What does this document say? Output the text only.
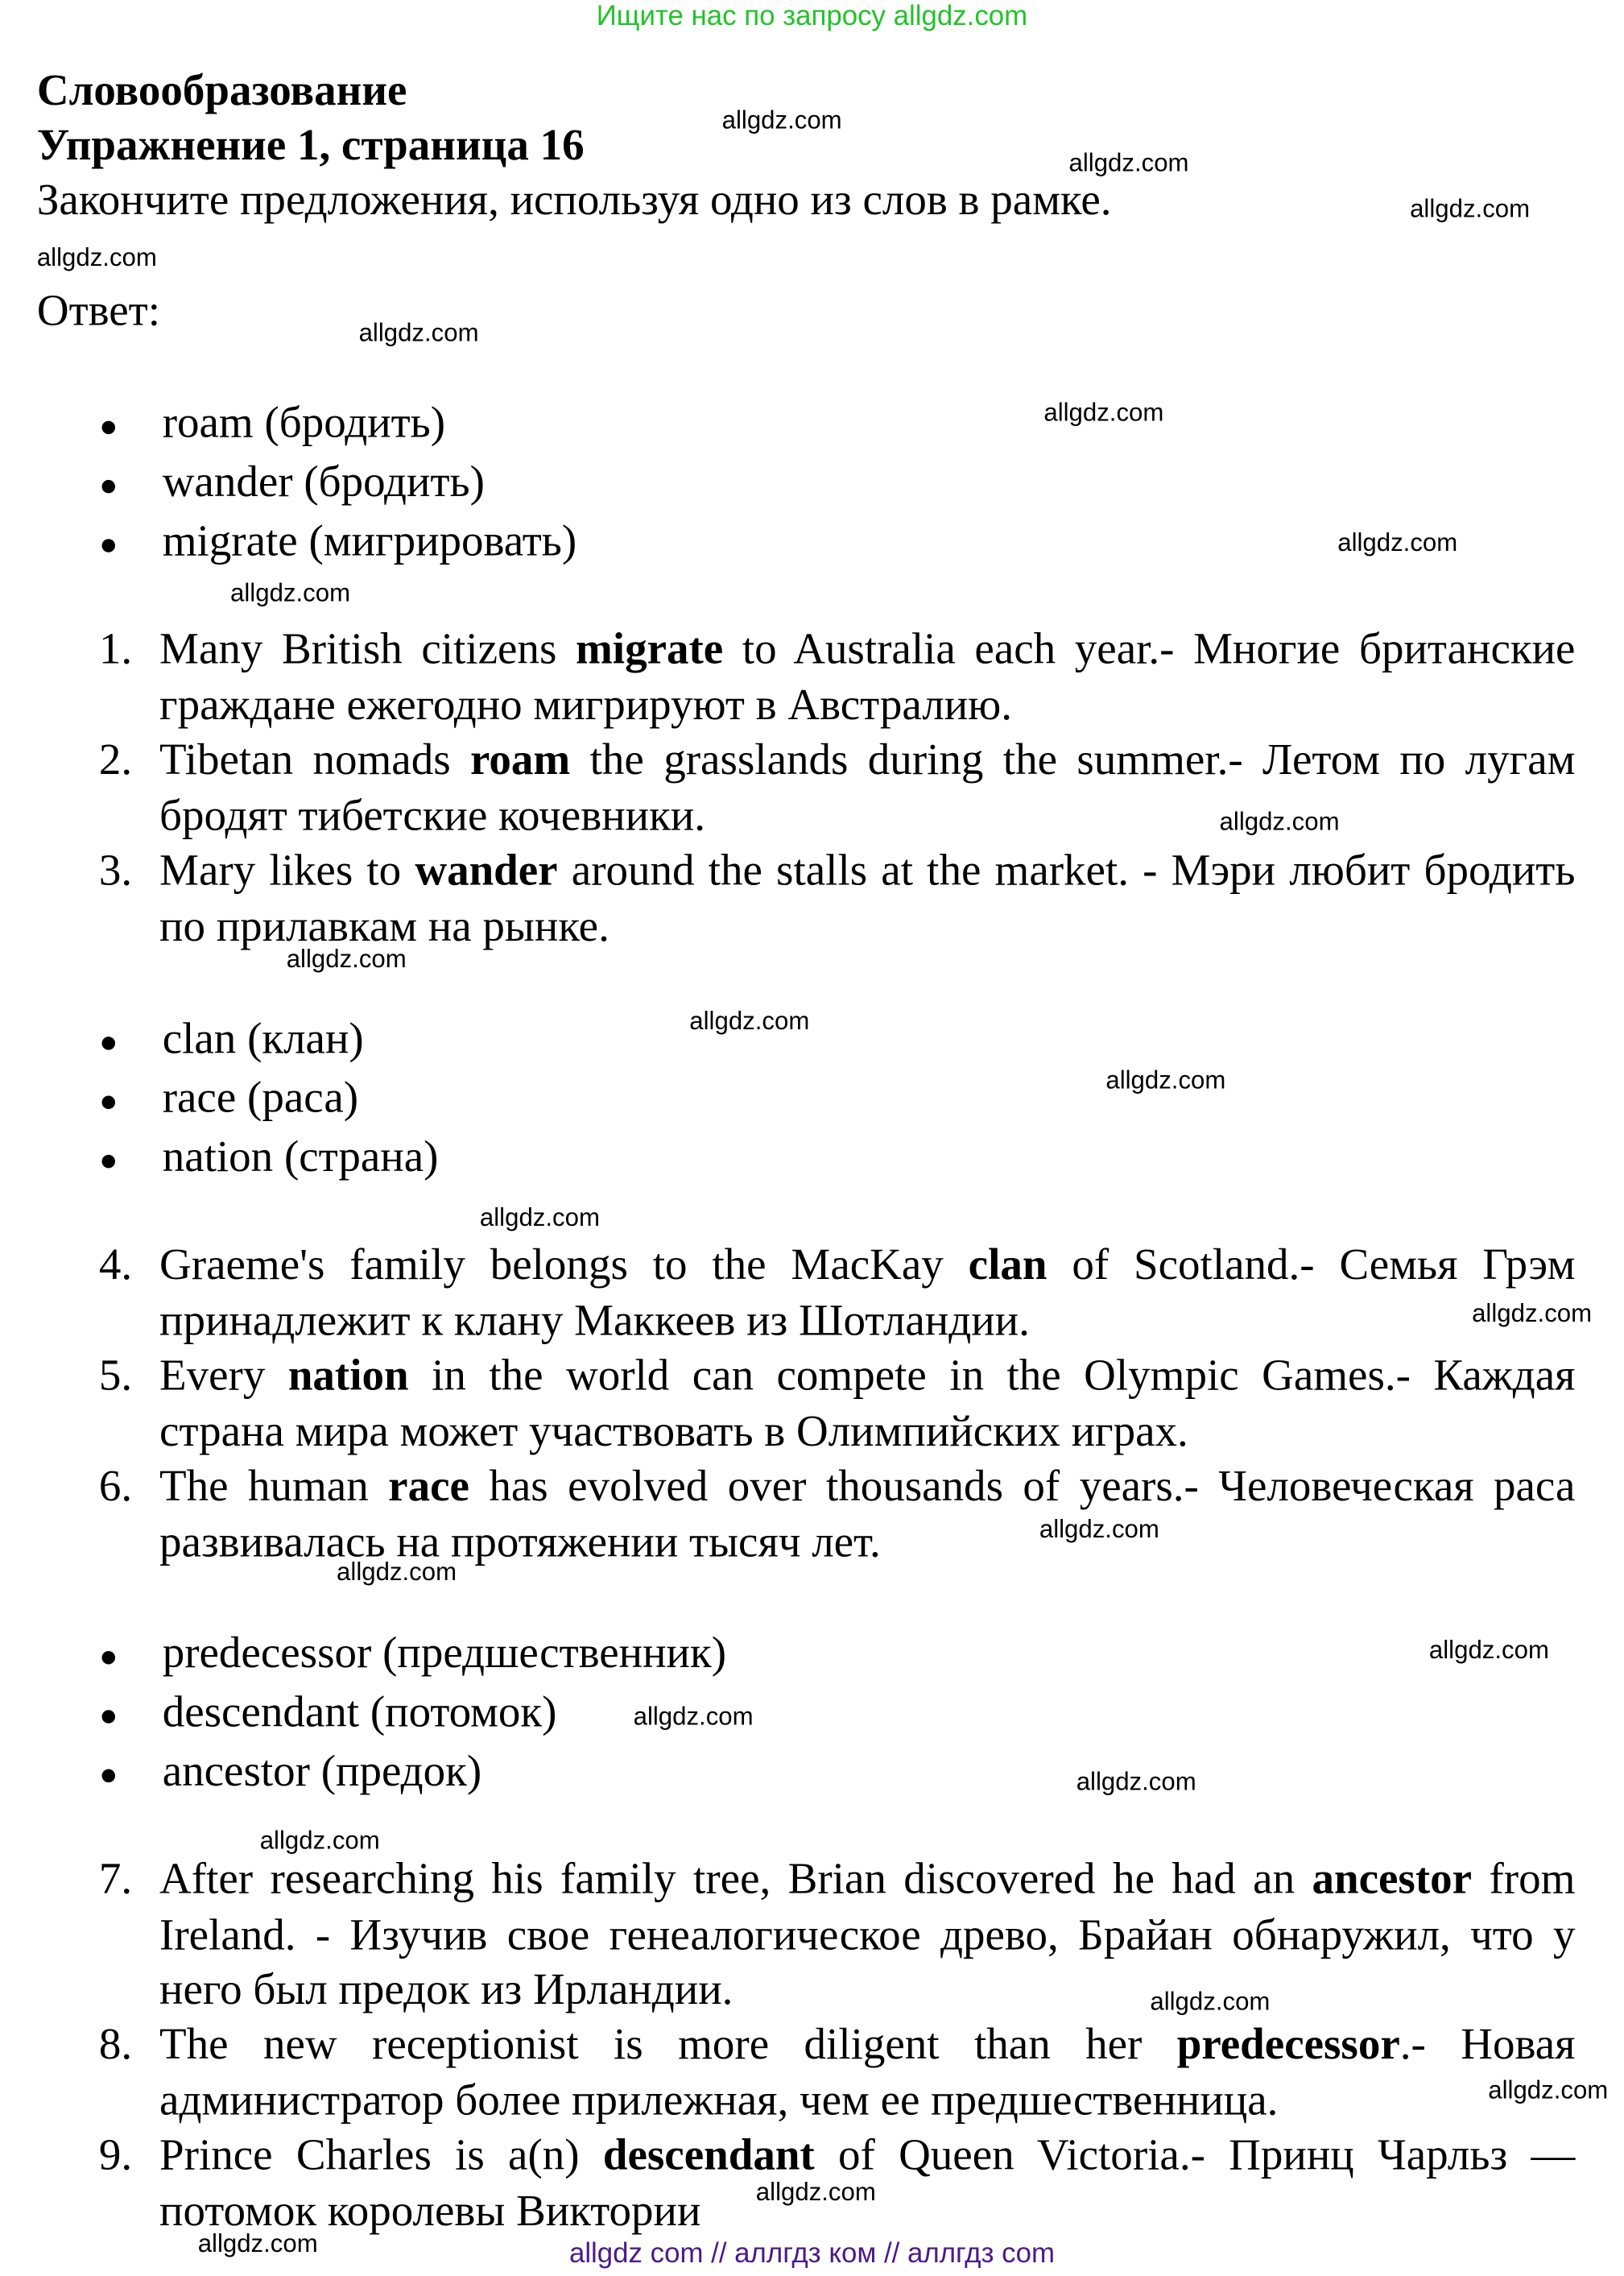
Ищите нас по запросу allgdz.com
Словообразование
Упражнение 1, страница 16
Закончите предложения, используя одно из слов в рамке.
Ответ:
roam (бродить)
wander (бродить)
migrate (мигрировать)
1. Many British citizens migrate to Australia each year.- Многие британские граждане ежегодно мигрируют в Австралию.
2. Tibetan nomads roam the grasslands during the summer.- Летом по лугам бродят тибетские кочевники.
3. Mary likes to wander around the stalls at the market. - Мэри любит бродить по прилавкам на рынке.
clan (клан)
race (раса)
nation (страна)
4. Graeme's family belongs to the MacKay clan of Scotland.- Семья Грэм принадлежит к клану Маккеев из Шотландии.
5. Every nation in the world can compete in the Olympic Games.- Каждая страна мира может участвовать в Олимпийских играх.
6. The human race has evolved over thousands of years.- Человеческая раса развивалась на протяжении тысяч лет.
predecessor (предшественник)
descendant (потомок)
ancestor (предок)
7. After researching his family tree, Brian discovered he had an ancestor from Ireland. - Изучив свое генеалогическое древо, Брайан обнаружил, что у него был предок из Ирландии.
8. The new receptionist is more diligent than her predecessor.- Новая администратор более прилежная, чем ее предшественница.
9. Prince Charles is a(n) descendant of Queen Victoria.- Принц Чарльз — потомок королевы Виктории
allgdz.com
allgdz.com
allgdz.com
allgdz.com
allgdz.com
allgdz.com
allgdz.com
allgdz.com
allgdz.com
allgdz.com
allgdz.com
allgdz.com
allgdz.com
allgdz.com
allgdz.com
allgdz.com
allgdz.com
allgdz.com
allgdz.com
allgdz.com
allgdz.com
allgdz.com
allgdz.com
allgdz.com	allgdz com // аллгдз ком // аллгдз com
